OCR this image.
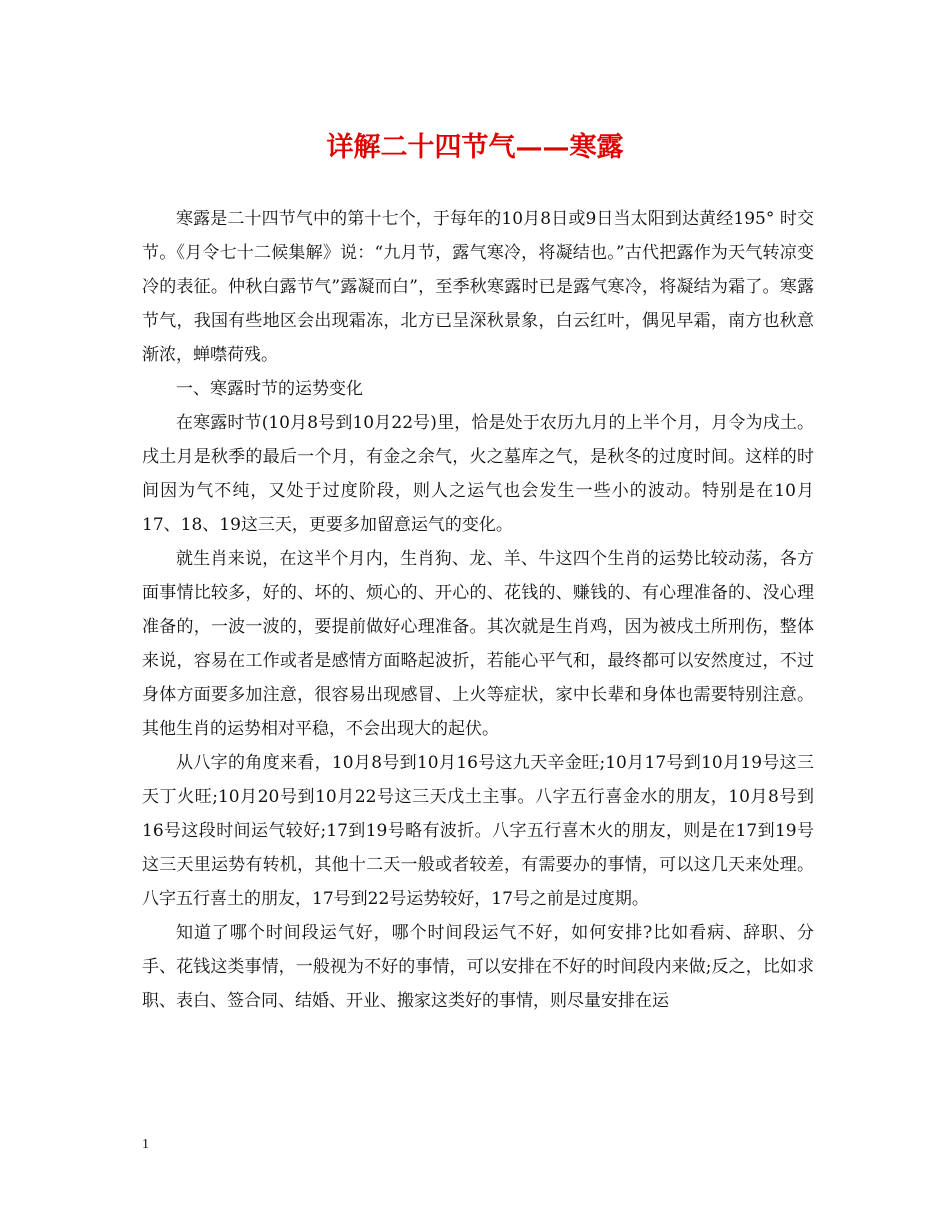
详解二十四节气——寒露

寒露是二十四节气中的第十七个，于每年的10月8日或9日当太阳到达黄经195° 时交节。《月令七十二候集解》说：“九月节，露气寒冷，将凝结也。”古代把露作为天气转凉变冷的表征。仲秋白露节气”露凝而白”，至季秋寒露时已是露气寒冷，将凝结为霜了。寒露节气，我国有些地区会出现霜冻，北方已呈深秋景象，白云红叶，偶见早霜，南方也秋意渐浓，蝉噤荷残。

一、寒露时节的运势变化

在寒露时节(10月8号到10月22号)里，恰是处于农历九月的上半个月，月令为戌土。戌土月是秋季的最后一个月，有金之余气，火之墓库之气，是秋冬的过度时间。这样的时间因为气不纯，又处于过度阶段，则人之运气也会发生一些小的波动。特别是在10月17、18、19这三天，更要多加留意运气的变化。

就生肖来说，在这半个月内，生肖狗、龙、羊、牛这四个生肖的运势比较动荡，各方面事情比较多，好的、坏的、烦心的、开心的、花钱的、赚钱的、有心理准备的、没心理准备的，一波一波的，要提前做好心理准备。其次就是生肖鸡，因为被戌土所刑伤，整体来说，容易在工作或者是感情方面略起波折，若能心平气和，最终都可以安然度过，不过身体方面要多加注意，很容易出现感冒、上火等症状，家中长辈和身体也需要特别注意。其他生肖的运势相对平稳，不会出现大的起伏。

从八字的角度来看，10月8号到10月16号这九天辛金旺;10月17号到10月19号这三天丁火旺;10月20号到10月22号这三天戊土主事。八字五行喜金水的朋友，10月8号到16号这段时间运气较好;17到19号略有波折。八字五行喜木火的朋友，则是在17到19号这三天里运势有转机，其他十二天一般或者较差，有需要办的事情，可以这几天来处理。八字五行喜土的朋友，17号到22号运势较好，17号之前是过度期。

知道了哪个时间段运气好，哪个时间段运气不好，如何安排?比如看病、辞职、分手、花钱这类事情，一般视为不好的事情，可以安排在不好的时间段内来做;反之，比如求职、表白、签合同、结婚、开业、搬家这类好的事情，则尽量安排在运

1
